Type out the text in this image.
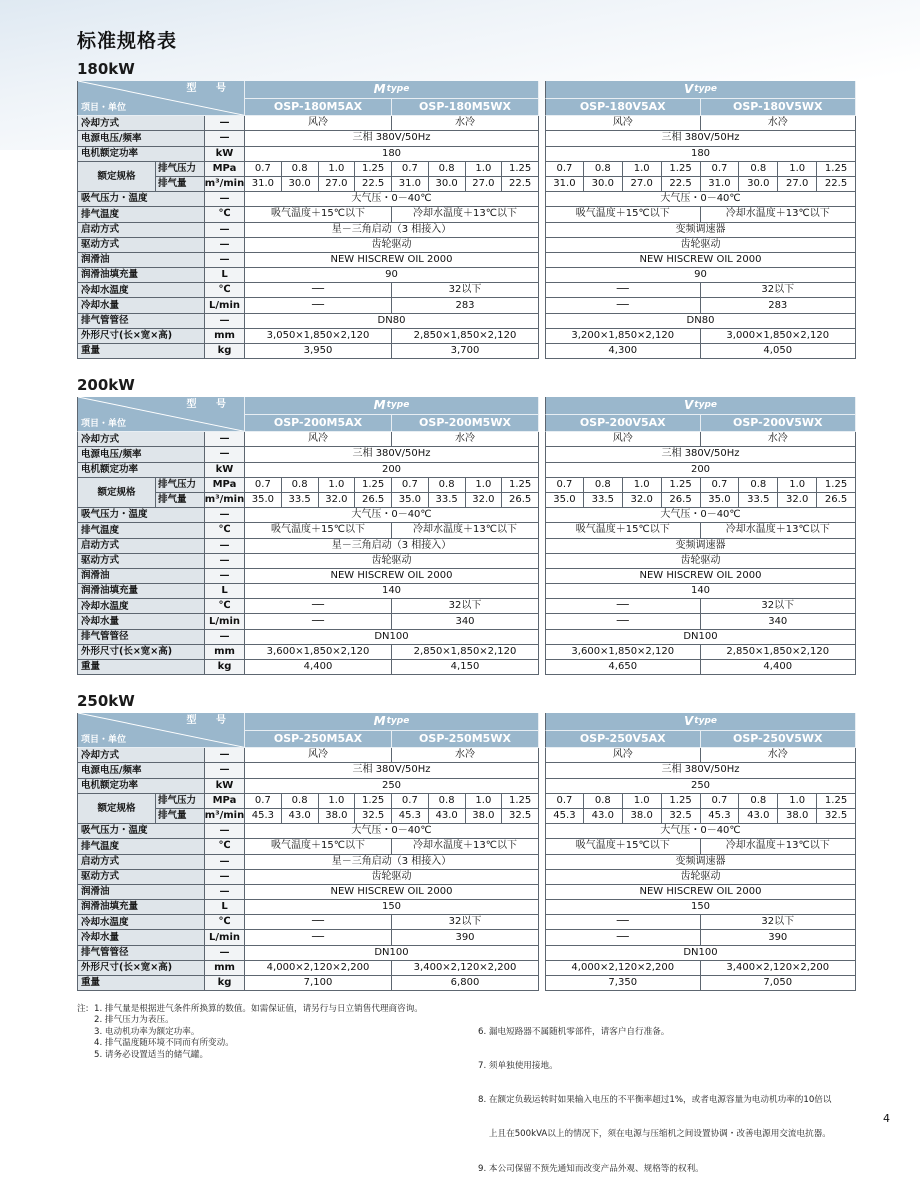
标准规格表
180kW
型 号
项目・单位
M type
OSP-180M5AX	OSP-180M5WX
冷却方式	—	风冷	水冷
电源电压/频率	—	三相 380V/50Hz
电机额定功率	kW	180
额定规格
排气压力	MPa	0.7	0.8	1.0	1.25	0.7	0.8	1.0	1.25
排气量	m³/min 31.0	30.0	27.0	22.5	31.0	30.0	27.0	22.5
吸气压力・温度	—	大气压・0－40℃
排气温度	℃	吸气温度＋15℃以下	冷却水温度＋13℃以下
启动方式	—	星－三角启动（3 相接入）
驱动方式	—	齿轮驱动
润滑油	—	NEW HISCREW OIL 2000
润滑油填充量	L	90
冷却水温度	℃	──	32以下
冷却水量	L/min	──	283
排气管管径	—	DN80
外形尺寸(长×宽×高)	mm	3,050×1,850×2,120	2,850×1,850×2,120
重量	kg	3,950	3,700
V type
OSP-180V5AX	OSP-180V5WX
风冷	水冷
三相 380V/50Hz
180
0.7	0.8	1.0	1.25	0.7	0.8	1.0	1.25
31.0	30.0	27.0	22.5	31.0	30.0	27.0	22.5
大气压・0－40℃
吸气温度＋15℃以下	冷却水温度＋13℃以下
变频调速器
齿轮驱动
NEW HISCREW OIL 2000
90
──	32以下
──	283
DN80
3,200×1,850×2,120	3,000×1,850×2,120
4,300	4,050
200kW
型 号
项目・单位
M type
OSP-200M5AX	OSP-200M5WX
冷却方式	—	风冷	水冷
电源电压/频率	—	三相 380V/50Hz
电机额定功率	kW	200
额定规格
排气压力	MPa	0.7	0.8	1.0	1.25	0.7	0.8	1.0	1.25
排气量	m³/min 35.0	33.5	32.0	26.5	35.0	33.5	32.0	26.5
吸气压力・温度	—	大气压・0－40℃
排气温度	℃	吸气温度＋15℃以下	冷却水温度＋13℃以下
启动方式	—	星－三角启动（3 相接入）
驱动方式	—	齿轮驱动
润滑油	—	NEW HISCREW OIL 2000
润滑油填充量	L	140
冷却水温度	℃	──	32以下
冷却水量	L/min	──	340
排气管管径	—	DN100
外形尺寸(长×宽×高)	mm	3,600×1,850×2,120	2,850×1,850×2,120
重量	kg	4,400	4,150
V type
OSP-200V5AX	OSP-200V5WX
风冷	水冷
三相 380V/50Hz
200
0.7	0.8	1.0	1.25	0.7	0.8	1.0	1.25
35.0	33.5	32.0	26.5	35.0	33.5	32.0	26.5
大气压・0－40℃
吸气温度＋15℃以下	冷却水温度＋13℃以下
变频调速器
齿轮驱动
NEW HISCREW OIL 2000
140
──	32以下
──	340
DN100
3,600×1,850×2,120	2,850×1,850×2,120
4,650	4,400
250kW
型 号
项目・单位
M type
OSP-250M5AX	OSP-250M5WX
冷却方式	—	风冷	水冷
电源电压/频率	—	三相 380V/50Hz
电机额定功率	kW	250
额定规格
排气压力	MPa	0.7	0.8	1.0	1.25	0.7	0.8	1.0	1.25
排气量	m³/min 45.3	43.0	38.0	32.5	45.3	43.0	38.0	32.5
吸气压力・温度	—	大气压・0－40℃
排气温度	℃	吸气温度＋15℃以下	冷却水温度＋13℃以下
启动方式	—	星－三角启动（3 相接入）
驱动方式	—	齿轮驱动
润滑油	—	NEW HISCREW OIL 2000
润滑油填充量	L	150
冷却水温度	℃	──	32以下
冷却水量	L/min	──	390
排气管管径	—	DN100
外形尺寸(长×宽×高)	mm	4,000×2,120×2,200	3,400×2,120×2,200
重量	kg	7,100	6,800
V type
OSP-250V5AX	OSP-250V5WX
风冷	水冷
三相 380V/50Hz
250
0.7	0.8	1.0	1.25	0.7	0.8	1.0	1.25
45.3	43.0	38.0	32.5	45.3	43.0	38.0	32.5
大气压・0－40℃
吸气温度＋15℃以下	冷却水温度＋13℃以下
变频调速器
齿轮驱动
NEW HISCREW OIL 2000
150
──	32以下
──	390
DN100
4,000×2,120×2,200	3,400×2,120×2,200
7,350	7,050
注: 1. 排气量是根据进气条件所换算的数值。如需保证值，请另行与日立销售代理商咨询。
2. 排气压力为表压。
3. 电动机功率为额定功率。
4. 排气温度随环境不同而有所变动。
5. 请务必设置适当的储气罐。

6. 漏电短路器不属随机零部件，请客户自行准备。

7. 须单独使用接地。

8. 在额定负载运转时如果输入电压的不平衡率超过1%，或者电源容量为电动机功率的10倍以

上且在500kVA以上的情况下，须在电源与压缩机之间设置协调・改善电源用交流电抗器。

9. 本公司保留不预先通知而改变产品外观、规格等的权利。

4
